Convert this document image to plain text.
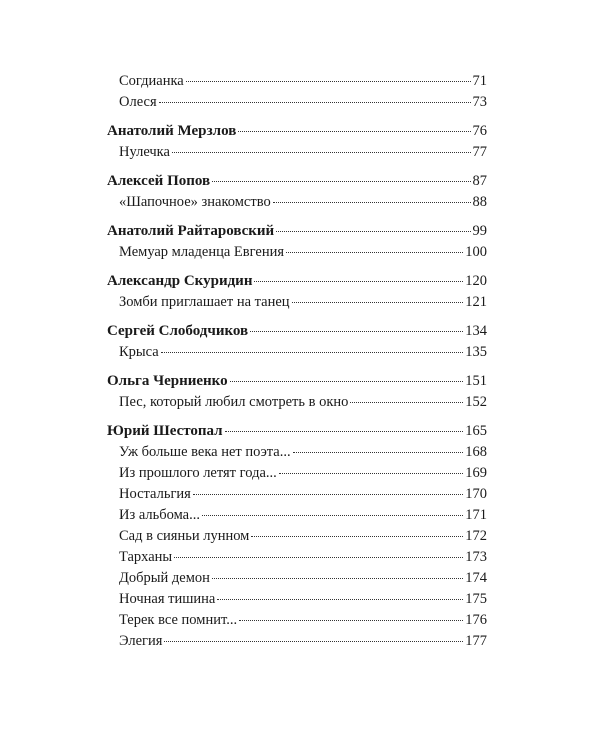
Согдианка	71
Олеся	73
Анатолий Мерзлов	76
Нулечка	77
Алексей Попов	87
«Шапочное» знакомство	88
Анатолий Райтаровский	99
Мемуар младенца Евгения	100
Александр Скуридин	120
Зомби приглашает на танец	121
Сергей Слободчиков	134
Крыса	135
Ольга Черниенко	151
Пес, который любил смотреть в окно	152
Юрий Шестопал	165
Уж больше века нет поэта...	168
Из прошлого летят года...	169
Ностальгия	170
Из альбома...	171
Сад в сияньи лунном	172
Тарханы	173
Добрый демон	174
Ночная тишина	175
Терек все помнит...	176
Элегия	177
